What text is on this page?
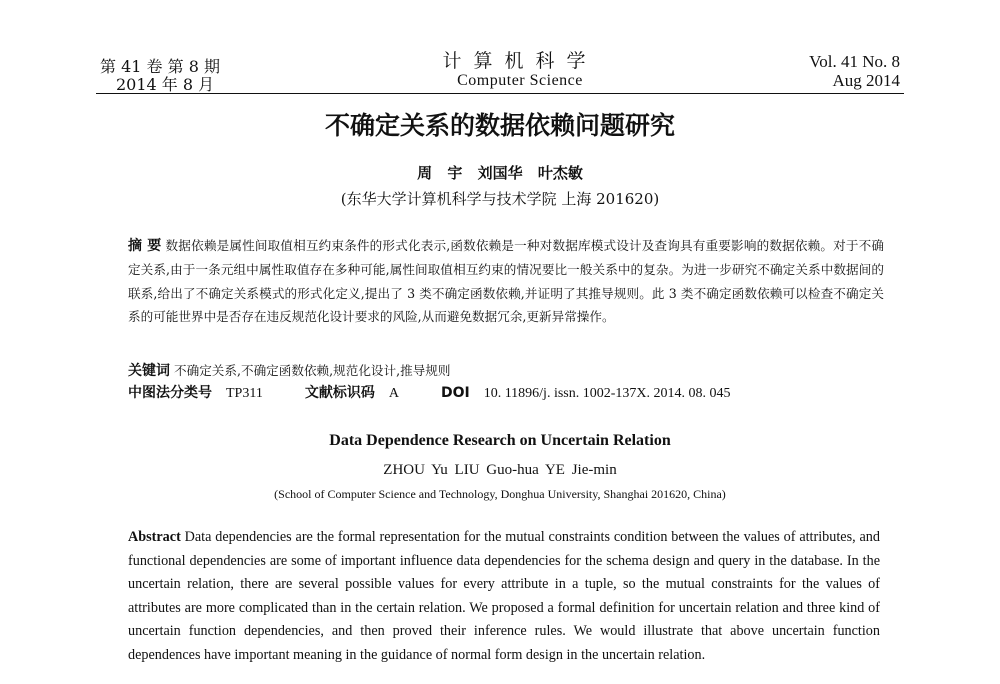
第 41 卷 第 8 期
2014 年 8 月
计算机科学
Computer Science
Vol. 41 No. 8
Aug 2014
不确定关系的数据依赖问题研究
周 宇 刘国华 叶杰敏
(东华大学计算机科学与技术学院 上海 201620)
摘 要 数据依赖是属性间取值相互约束条件的形式化表示,函数依赖是一种对数据库模式设计及查询具有重要影响的数据依赖。对于不确定关系,由于一条元组中属性取值存在多种可能,属性间取值相互约束的情况要比一般关系中的复杂。为进一步研究不确定关系中数据间的联系,给出了不确定关系模式的形式化定义,提出了 3 类不确定函数依赖,并证明了其推导规则。此 3 类不确定函数依赖可以检查不确定关系的可能世界中是否存在违反规范化设计要求的风险,从而避免数据冗余,更新异常操作。
关键词 不确定关系,不确定函数依赖,规范化设计,推导规则
中图法分类号 TP311	文献标识码 A	DOI 10. 11896/j. issn. 1002-137X. 2014. 08. 045
Data Dependence Research on Uncertain Relation
ZHOU Yu LIU Guo-hua YE Jie-min
(School of Computer Science and Technology, Donghua University, Shanghai 201620, China)
Abstract Data dependencies are the formal representation for the mutual constraints condition between the values of attributes, and functional dependencies are some of important influence data dependencies for the schema design and query in the database. In the uncertain relation, there are several possible values for every attribute in a tuple, so the mutual constraints for the values of attributes are more complicated than in the certain relation. We proposed a formal definition for uncertain relation and three kind of uncertain function dependencies, and then proved their inference rules. We would illustrate that above uncertain function dependences have important meaning in the guidance of normal form design in the uncertain relation.
